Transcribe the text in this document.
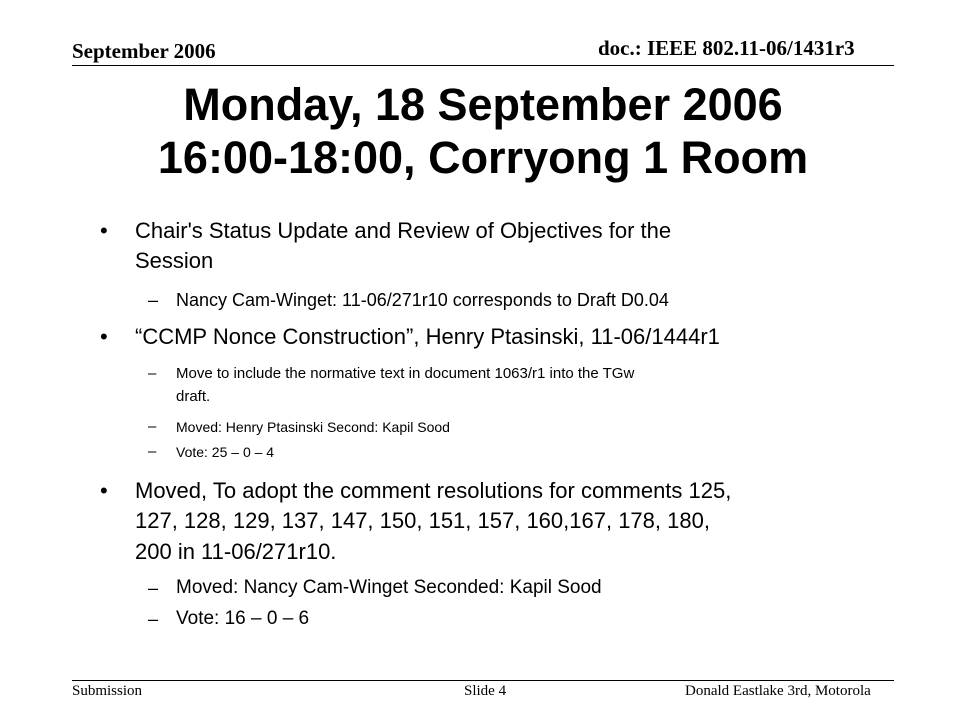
doc.: IEEE 802.11-06/1431r3
September 2006
Monday, 18 September 2006
16:00-18:00, Corryong 1 Room
• Chair's Status Update and Review of Objectives for the
Session
– Nancy Cam-Winget: 11-06/271r10 corresponds to Draft D0.04
• “CCMP Nonce Construction”, Henry Ptasinski, 11-06/1444r1
– Move to include the normative text in document 1063/r1 into the TGw
draft.
– Moved: Henry Ptasinski Second: Kapil Sood
– Vote: 25 – 0 – 4
• Moved, To adopt the comment resolutions for comments 125,
127, 128, 129, 137, 147, 150, 151, 157, 160,167, 178, 180,
200 in 11-06/271r10.
– Moved: Nancy Cam-Winget Seconded: Kapil Sood
– Vote: 16 – 0 – 6
Submission	Slide 4	Donald Eastlake 3rd, Motorola
